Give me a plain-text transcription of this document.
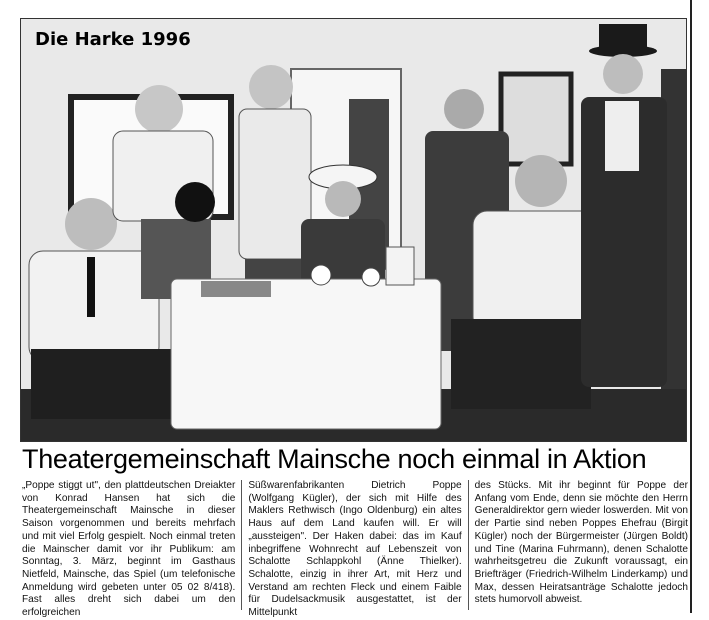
Die Harke 1996
Theatergemeinschaft Mainsche noch einmal in Aktion
„Poppe stiggt ut", den plattdeutschen Dreiakter von Konrad Hansen hat sich die Theatergemeinschaft Mainsche in dieser Saison vorgenommen und bereits mehrfach und mit viel Erfolg gespielt. Noch einmal treten die Mainscher damit vor ihr Publikum: am Sonntag, 3. März, beginnt im Gasthaus Nietfeld, Mainsche, das Spiel (um telefonische Anmeldung wird gebeten unter 05 02 8/418). Fast alles dreht sich dabei um den erfolgreichen
Süßwarenfabrikanten Dietrich Poppe (Wolfgang Kügler), der sich mit Hilfe des Maklers Rethwisch (Ingo Oldenburg) ein altes Haus auf dem Land kaufen will. Er will „aussteigen". Der Haken dabei: das im Kauf inbegriffene Wohnrecht auf Lebenszeit von Schalotte Schlappkohl (Änne Thielker). Schalotte, einzig in ihrer Art, mit Herz und Verstand am rechten Fleck und einem Faible für Dudelsackmusik ausgestattet, ist der Mittelpunkt
des Stücks. Mit ihr beginnt für Poppe der Anfang vom Ende, denn sie möchte den Herrn Generaldirektor gern wieder loswerden. Mit von der Partie sind neben Poppes Ehefrau (Birgit Kügler) noch der Bürgermeister (Jürgen Boldt) und Tine (Marina Fuhrmann), denen Schalotte wahrheitsgetreu die Zukunft voraussagt, ein Briefträger (Friedrich-Wilhelm Linderkamp) und Max, dessen Heiratsanträge Schalotte jedoch stets humorvoll abweist.
